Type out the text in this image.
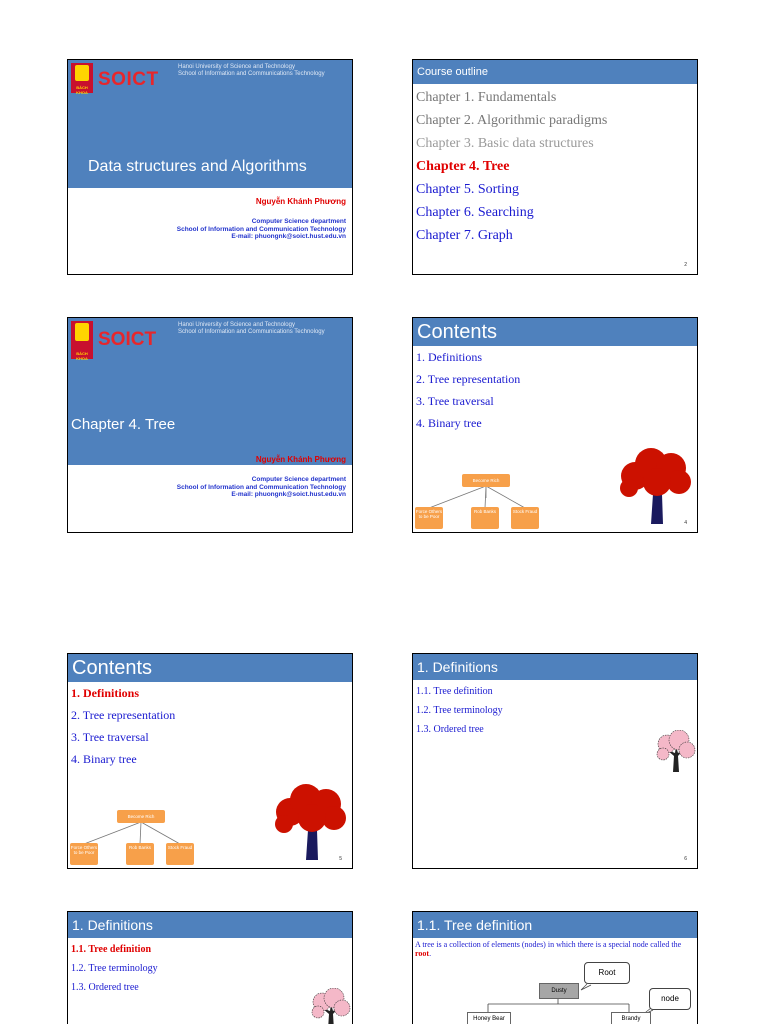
BÁCH KHOA
SOICT
Hanoi University of Science and Technology
School of Information and Communications Technology
Data structures and Algorithms
Nguyễn Khánh Phương
Computer Science department
School of Information and Communication Technology
E-mail: phuongnk@soict.hust.edu.vn
Course outline
Chapter 1. Fundamentals
Chapter 2. Algorithmic paradigms
Chapter 3. Basic data structures
Chapter 4. Tree
Chapter 5. Sorting
Chapter 6. Searching
Chapter 7. Graph
2
BÁCH KHOA
SOICT
Hanoi University of Science and Technology
School of Information and Communications Technology
Chapter 4. Tree
Nguyễn Khánh Phương
Computer Science department
School of Information and Communication Technology
E-mail: phuongnk@soict.hust.edu.vn
Contents
1. Definitions
2. Tree representation
3. Tree traversal
4. Binary tree
Become Rich
Force Others to be Poor
Rob Banks	Stock Fraud
4
Contents
1. Definitions
2. Tree representation
3. Tree traversal
4. Binary tree
Become Rich
Force Others to be Poor
Rob Banks	Stock Fraud
5
1. Definitions
1.1. Tree definition
1.2. Tree terminology
1.3. Ordered tree
6
1. Definitions
1.1. Tree definition
1.2. Tree terminology
1.3. Ordered tree
1.1. Tree definition
A tree is a collection of elements (nodes) in which there is a special node called the root.
Root
Dusty
node
Honey Bear	Brandy
